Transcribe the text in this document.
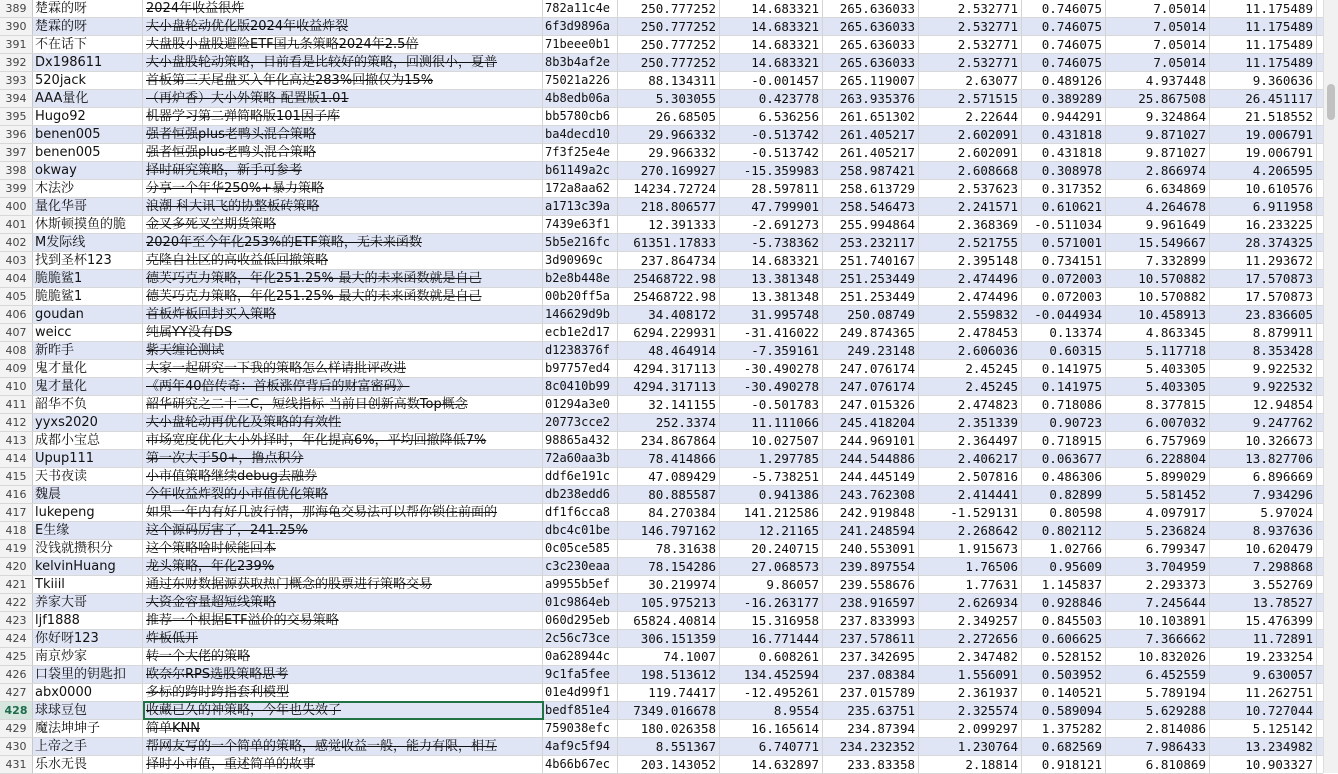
389 楚霖的呀	2024年收益很炸	782a11c4e	250.777252	14.683321	265.636033	2.532771	0.746075	7.05014	11.175489
390 楚霖的呀	大小盘轮动优化版2024年收益炸裂	6f3d9896a	250.777252	14.683321	265.636033	2.532771	0.746075	7.05014	11.175489
391 不在话下	大盘股小盘股避险ETF国九条策略2024年2.5倍	71beee0b1	250.777252	14.683321	265.636033	2.532771	0.746075	7.05014	11.175489
392 Dx198611	大小盘股轮动策略，目前看是比较好的策略，回测很小，夏普	8b3b4af2e	250.777252	14.683321	265.636033	2.532771	0.746075	7.05014	11.175489
393 520jack	首板第三天尾盘买入年化高达283%回撤仅为15%	75021a226	88.134311	-0.001457	265.119007	2.63077	0.489126	4.937448	9.360636
394 AAA量化	（再炉香）大小外策略-配置版1.01	4b8edb06a	5.303055	0.423778	263.935376	2.571515	0.389289	25.867508	26.451117
395 Hugo92	机器学习第二弹简略版101因子库	bb5780cb6	26.68505	6.536256	261.651302	2.22644	0.944291	9.324864	21.518552
396 benen005	强者恒强plus老鸭头混合策略	ba4decd10	29.966332	-0.513742	261.405217	2.602091	0.431818	9.871027	19.006791
397 benen005	强者恒强plus老鸭头混合策略	7f3f25e4e	29.966332	-0.513742	261.405217	2.602091	0.431818	9.871027	19.006791
398 okway	择时研究策略，新手可参考	b61149a2c	270.169927	-15.359983	258.987421	2.608668	0.308978	2.866974	4.206595
399 木法沙	分享一个年华250%+暴力策略	172a8aa62	14234.72724	28.597811	258.613729	2.537623	0.317352	6.634869	10.610576
400 量化华哥	浪潮 科大讯飞的协整板砖策略	a1713c39a	218.806577	47.799901	258.546473	2.241571	0.610621	4.264678	6.911958
401 休斯顿摸鱼的脆	金叉多死叉空期货策略	7439e63f1	12.391333	-2.691273	255.994864	2.368369	-0.511034	9.961649	16.233225
402 M发际线	2020年至今年化253%的ETF策略，无未来函数	5b5e216fc	61351.17833	-5.738362	253.232117	2.521755	0.571001	15.549667	28.374325
403 找到圣杯123	克隆自社区的高收益低回撤策略	3d90969c	237.864734	14.683321	251.740167	2.395148	0.734151	7.332899	11.293672
404 脆脆鲨1	德芙巧克力策略，年化251.25%-最大的未来函数就是自己	b2e8b448e	25468722.98	13.381348	251.253449	2.474496	0.072003	10.570882	17.570873
405 脆脆鲨1	德芙巧克力策略，年化251.25%-最大的未来函数就是自己	00b20ff5a	25468722.98	13.381348	251.253449	2.474496	0.072003	10.570882	17.570873
406 goudan	首板炸板回封买入策略	146629d9b	34.408172	31.995748	250.08749	2.559832	-0.044934	10.458913	23.836605
407 weicc	纯属YY没有DS	ecb1e2d17	6294.229931	-31.416022	249.874365	2.478453	0.13374	4.863345	8.879911
408 新昨手	紫天缠论测试	d1238376f	48.464914	-7.359161	249.23148	2.606036	0.60315	5.117718	8.353428
409 鬼才量化	大家一起研究一下我的策略怎么样请批评改进	b97757ed4	4294.317113	-30.490278	247.076174	2.45245	0.141975	5.403305	9.922532
410 鬼才量化	《两年40倍传奇：首板涨停背后的财富密码》	8c0410b99	4294.317113	-30.490278	247.076174	2.45245	0.141975	5.403305	9.922532
411 韶华不负	韶华研究之二十二C，短线指标-当前日创新高数Top概念	01294a3e0	32.141155	-0.501783	247.015326	2.474823	0.718086	8.377815	12.94854
412 yyxs2020	大小盘轮动再优化及策略的有效性	20773cce2	252.3374	11.111066	245.418204	2.351339	0.90723	6.007032	9.247762
413 成都小宝总	市场宽度优化大小外择时，年化提高6%，平均回撤降低7%	98865a432	234.867864	10.027507	244.969101	2.364497	0.718915	6.757969	10.326673
414 Upup111	第一次大于50+，撸点积分	72a60aa3b	78.414866	1.297785	244.544886	2.406217	0.063677	6.228804	13.827706
415 天书夜读	小市值策略继续debug去融券	ddf6e191c	47.089429	-5.738251	244.445149	2.507816	0.486306	5.899029	6.896669
416 魏晨	今年收益炸裂的小市值优化策略	db238edd6	80.885587	0.941386	243.762308	2.414441	0.82899	5.581452	7.934296
417 lukepeng	如果一年内有好几波行情，那海龟交易法可以帮你锁住前面的	df1f6cca8	84.270384	141.212586	242.919848	-1.529131	0.80598	4.097917	5.97024
418 E生缘	这个源码厉害了，241.25%	dbc4c01be	146.797162	12.21165	241.248594	2.268642	0.802112	5.236824	8.937636
419 没钱就攒积分	这个策略啥时候能回本	0c05ce585	78.31638	20.240715	240.553091	1.915673	1.02766	6.799347	10.620479
420 kelvinHuang	龙头策略，年化239%	c3c230eaa	78.154286	27.068573	239.897554	1.76506	0.95609	3.704959	7.298868
421 Tkiiil	通过东财数据源获取热门概念的股票进行策略交易	a9955b5ef	30.219974	9.86057	239.558676	1.77631	1.145837	2.293373	3.552769
422 养家大哥	大资金容量超短线策略	01c9864eb	105.975213	-16.263177	238.916597	2.626934	0.928846	7.245644	13.78527
423 ljf1888	推荐一个根据ETF溢价的交易策略	060d295eb	65824.40814	15.316958	237.833993	2.349257	0.845503	10.103891	15.476399
424 你好呀123	炸板低开	2c56c73ce	306.151359	16.771444	237.578611	2.272656	0.606625	7.366662	11.72891
425 南京炒家	转一个大佬的策略	0a628944c	74.1007	0.608261	237.342695	2.347482	0.528152	10.832026	19.233254
426 口袋里的钥匙扣	欧奈尔RPS选股策略思考	9c1fa5fee	198.513612	134.452594	237.08384	1.556091	0.503952	6.452559	9.630057
427 abx0000	多标的跨时跨指套利模型	01e4d99f1	119.74417	-12.495261	237.015789	2.361937	0.140521	5.789194	11.262751
428 球球豆包	收藏已久的神策略，今年也失效了	bedf851e4	7349.016678	8.9554	235.63751	2.325574	0.589094	5.629288	10.727044
429 魔法坤坤子	简单KNN	759038efc	180.026358	16.165614	234.87394	2.099297	1.375282	2.814086	5.125142
430 上帝之手	帮网友写的一个简单的策略，感觉收益一般，能力有限，相互	4af9c5f94	8.551367	6.740771	234.232352	1.230764	0.682569	7.986433	13.234982
431 乐水无畏	择时小市值，重述简单的故事	4b66b67ec	203.143052	14.632897	233.83358	2.18814	0.918121	6.810869	10.903327
